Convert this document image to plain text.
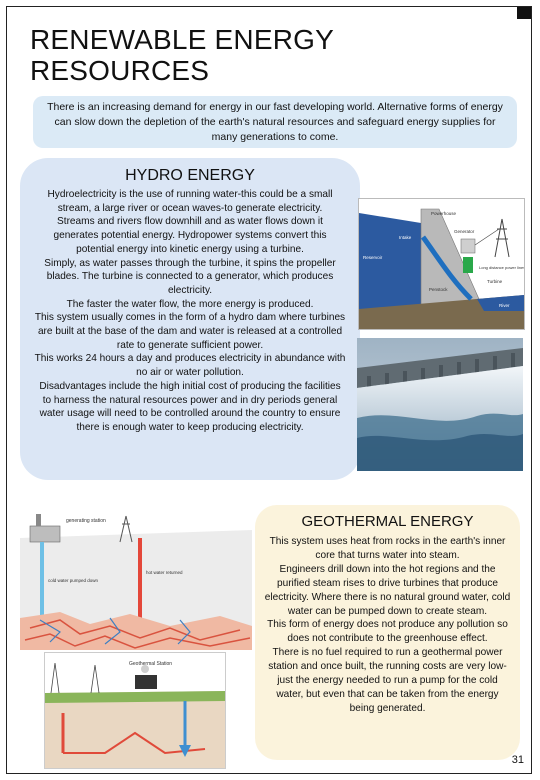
RENEWABLE ENERGY RESOURCES
There is an increasing demand for energy in our fast developing world. Alternative forms of energy can slow down the depletion of the earth's natural resources and safeguard energy supplies for many generations to come.
HYDRO ENERGY

Hydroelectricity is the use of running water-this could be a small stream, a large river or ocean waves-to generate electricity.

Streams and rivers flow downhill and as water flows down it generates potential energy. Hydropower systems convert this potential energy into kinetic energy using a turbine.

Simply, as water passes through the turbine, it spins the propeller blades. The turbine is connected to a generator, which produces electricity.

The faster the water flow, the more energy is produced.

This system usually comes in the form of a hydro dam where turbines are built at the base of the dam and water is released at a controlled rate to generate sufficient power.

This works 24 hours a day and produces electricity in abundance with no air or water pollution.

Disadvantages include the high initial cost of producing the facilities to harness the natural resources power and in dry periods general water usage will need to be controlled around the country to ensure there is enough water to keep producing electricity.

Powerhouse
Generator
Reservoir
Intake
Long distance power lines
Turbine
Penstock
River
generating station
cold water pumped down
hot water returned
Geothermal Station
GEOTHERMAL ENERGY

This system uses heat from rocks in the earth's inner core that turns water into steam.

Engineers drill down into the hot regions and the purified steam rises to drive turbines that produce electricity. Where there is no natural ground water, cold water can be pumped down to create steam.

This form of energy does not produce any pollution so does not contribute to the greenhouse effect.

There is no fuel required to run a geothermal power station and once built, the running costs are very low-just the energy needed to run a pump for the cold water, but even that can be taken from the energy being generated.

31
